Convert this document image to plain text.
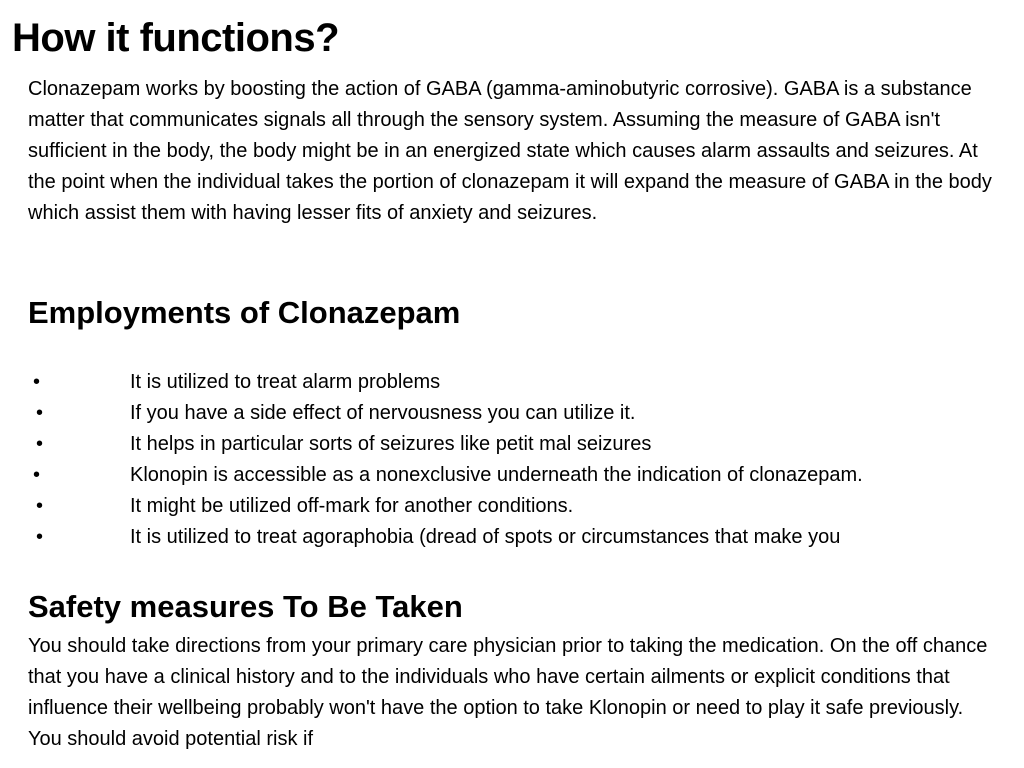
How it functions?

Clonazepam works by boosting the action of GABA (gamma-aminobutyric corrosive). GABA is a substance matter that communicates signals all through the sensory system. Assuming the measure of GABA isn't sufficient in the body, the body might be in an energized state which causes alarm assaults and seizures. At the point when the individual takes the portion of clonazepam it will expand the measure of GABA in the body which assist them with having lesser fits of anxiety and seizures.

Employments of Clonazepam
•	It is utilized to treat alarm problems
•	If you have a side effect of nervousness you can utilize it.
•	It helps in particular sorts of seizures like petit mal seizures
•	Klonopin is accessible as a nonexclusive underneath the indication of clonazepam.
•	It might be utilized off-mark for another conditions.
•	It is utilized to treat agoraphobia (dread of spots or circumstances that make you
Safety measures To Be Taken

You should take directions from your primary care physician prior to taking the medication. On the off chance that you have a clinical history and to the individuals who have certain ailments or explicit conditions that influence their wellbeing probably won't have the option to take Klonopin or need to play it safe previously. You should avoid potential risk if
